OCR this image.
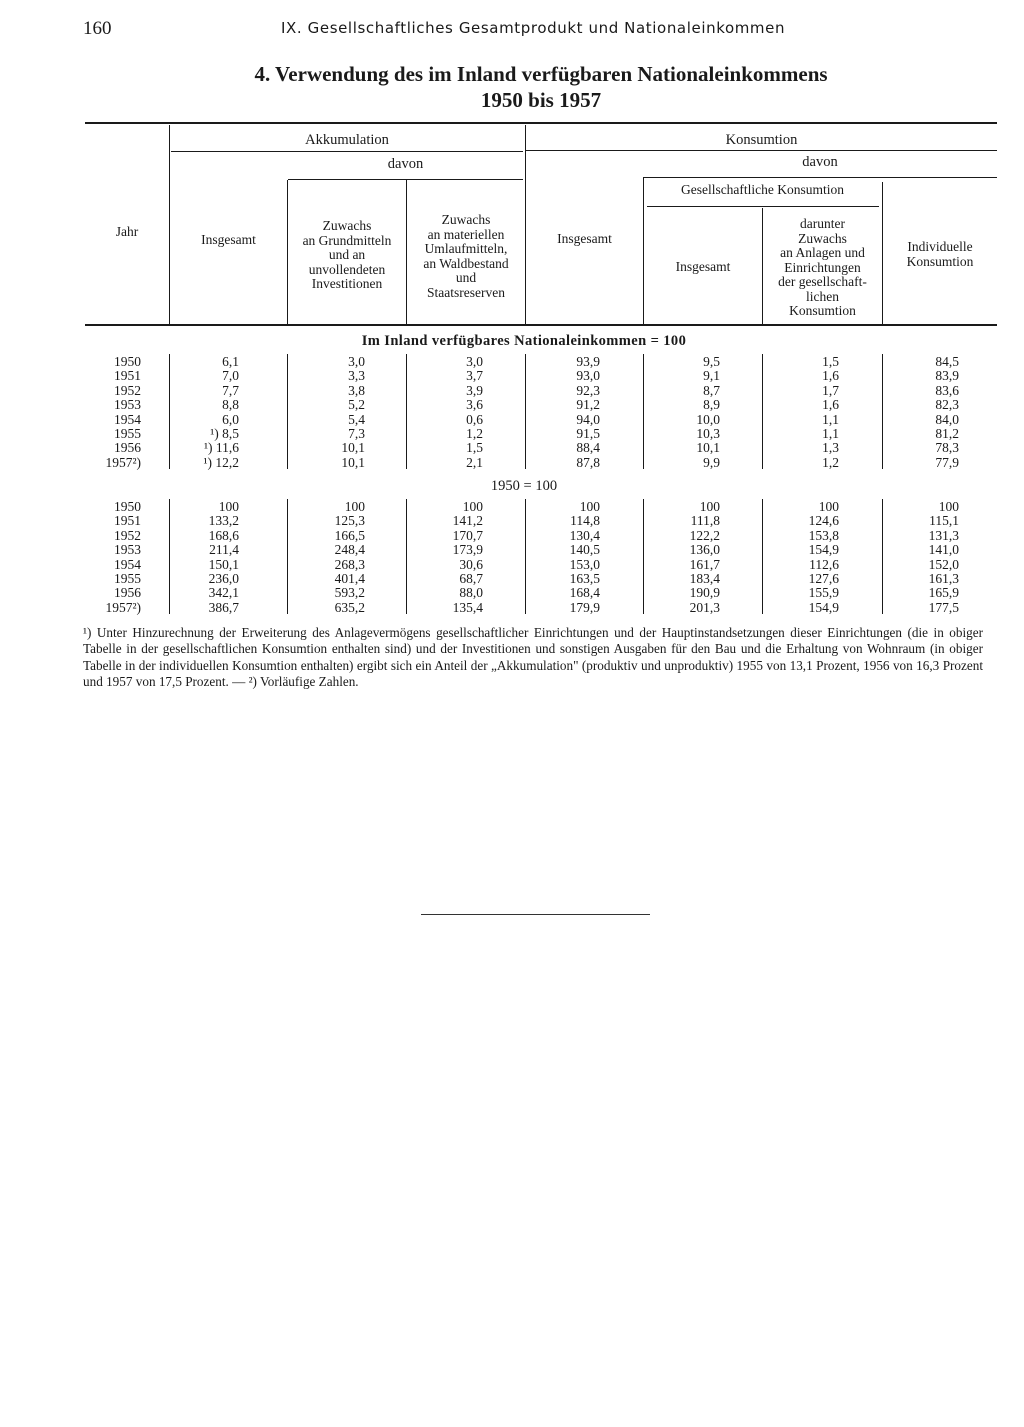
160	IX. Gesellschaftliches Gesamtprodukt und Nationaleinkommen
4. Verwendung des im Inland verfügbaren Nationaleinkommens
1950 bis 1957
Jahr
Akkumulation	Konsumtion
davon	davon
Gesellschaftliche Konsumtion
Insgesamt
Zuwachs
an Grundmitteln
und an
unvollendeten
Investitionen
Zuwachs
an materiellen
Umlaufmitteln,
an Waldbestand
und
Staatsreserven
Insgesamt
Insgesamt
darunter
Zuwachs
an Anlagen und
Einrichtungen
der gesellschaft-
lichen
Konsumtion
Individuelle
Konsumtion
Im Inland verfügbares Nationaleinkommen = 100
1950 = 100
1950	6,1	3,0	3,0	93,9	9,5	1,5	84,5
1951	7,0	3,3	3,7	93,0	9,1	1,6	83,9
1952	7,7	3,8	3,9	92,3	8,7	1,7	83,6
1953	8,8	5,2	3,6	91,2	8,9	1,6	82,3
1954	6,0	5,4	0,6	94,0	10,0	1,1	84,0
1955	¹) 8,5	7,3	1,2	91,5	10,3	1,1	81,2
1956	¹) 11,6	10,1	1,5	88,4	10,1	1,3	78,3
1957²)	¹) 12,2	10,1	2,1	87,8	9,9	1,2	77,9
1950	100	100	100	100	100	100	100
1951	133,2	125,3	141,2	114,8	111,8	124,6	115,1
1952	168,6	166,5	170,7	130,4	122,2	153,8	131,3
1953	211,4	248,4	173,9	140,5	136,0	154,9	141,0
1954	150,1	268,3	30,6	153,0	161,7	112,6	152,0
1955	236,0	401,4	68,7	163,5	183,4	127,6	161,3
1956	342,1	593,2	88,0	168,4	190,9	155,9	165,9
1957²)	386,7	635,2	135,4	179,9	201,3	154,9	177,5
¹) Unter Hinzurechnung der Erweiterung des Anlagevermögens gesellschaftlicher Einrichtungen und der Hauptinstandsetzungen dieser Einrichtungen (die in obiger Tabelle in der gesellschaftlichen Konsumtion enthalten sind) und der Investitionen und sonstigen Ausgaben für den Bau und die Erhaltung von Wohnraum (in obiger Tabelle in der individuellen Konsumtion enthalten) ergibt sich ein Anteil der „Akkumulation" (produktiv und unproduktiv) 1955 von 13,1 Prozent, 1956 von 16,3 Prozent und 1957 von 17,5 Prozent. — ²) Vorläufige Zahlen.
